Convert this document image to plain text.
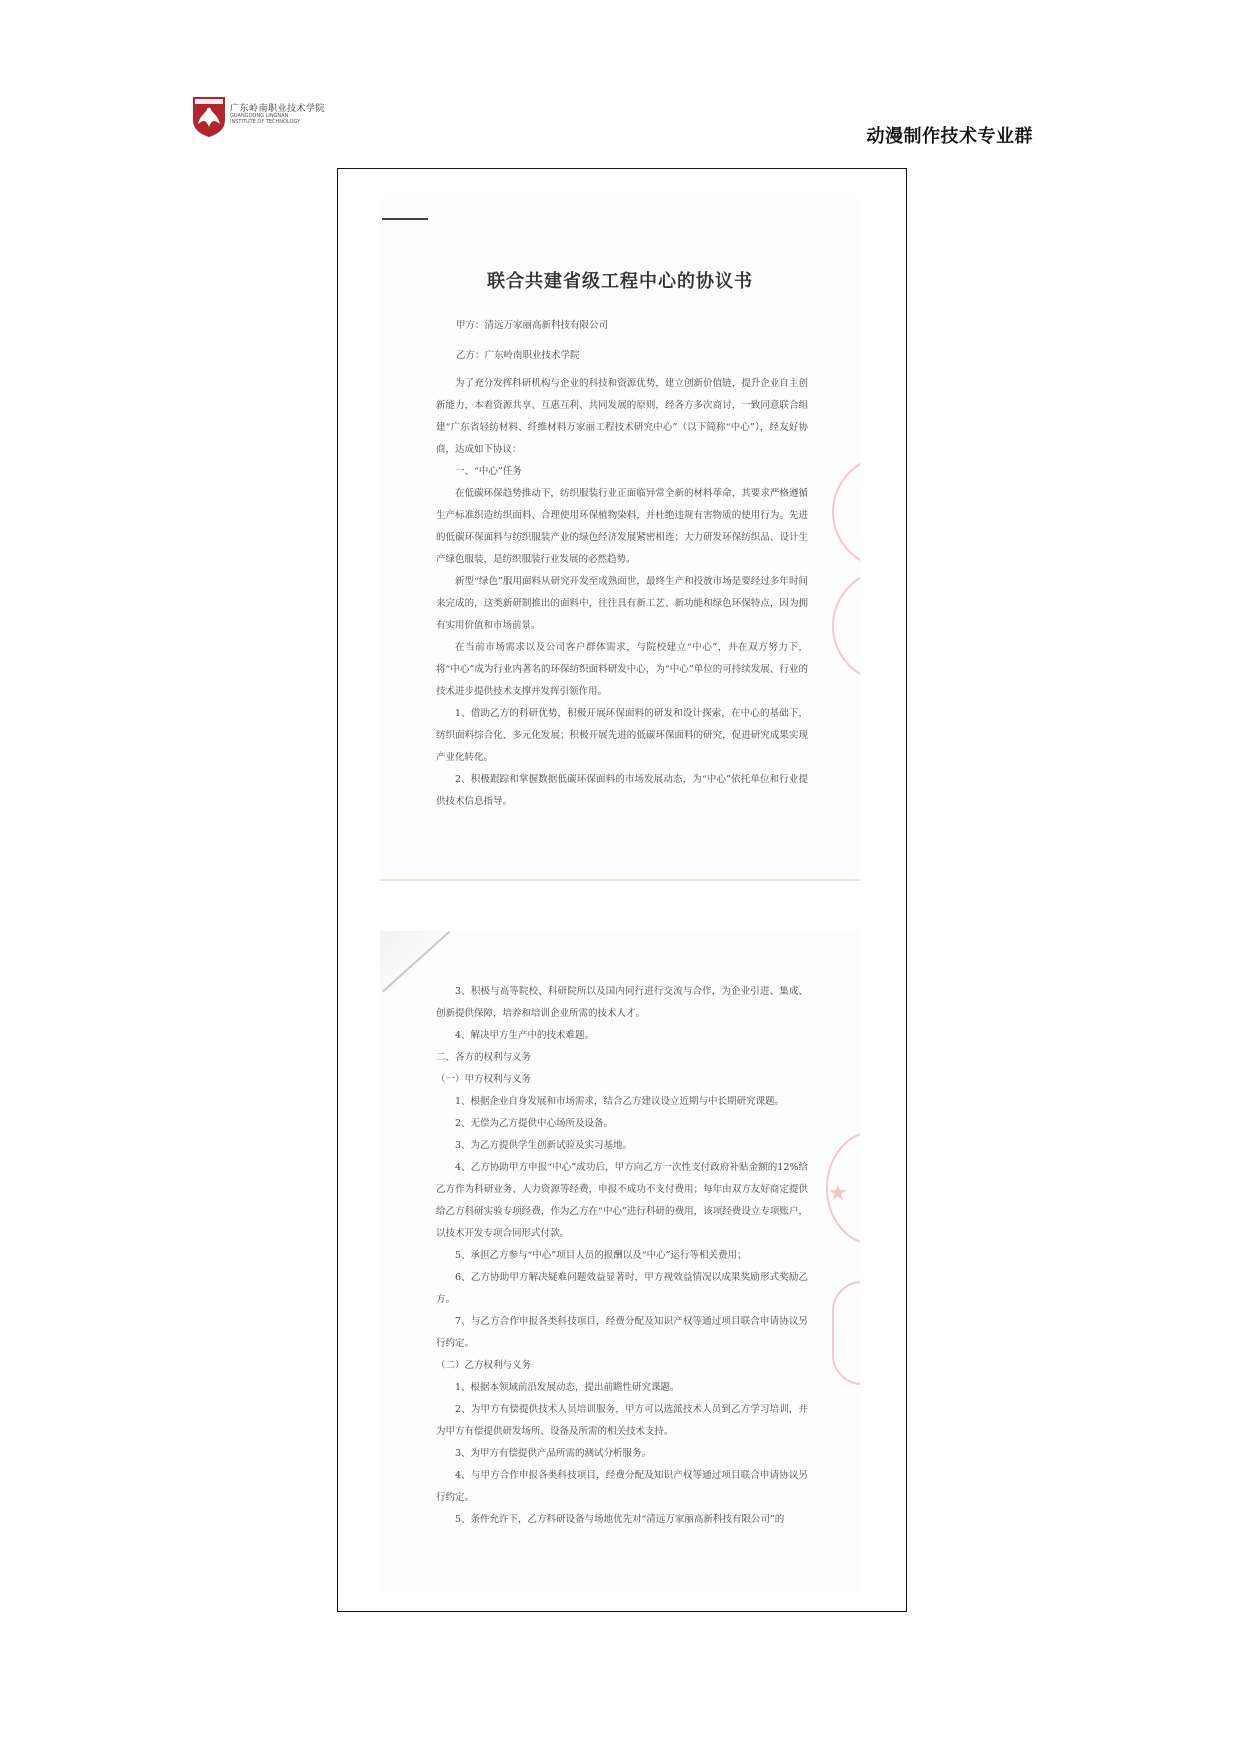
广东岭南职业技术学院
GUANGDONG LINGNAN
INSTITUTE OF TECHNOLOGY
动漫制作技术专业群
联合共建省级工程中心的协议书
甲方：清远万家丽高新科技有限公司
乙方：广东岭南职业技术学院
为了充分发挥科研机构与企业的科技和资源优势，建立创新价值链，提升企业自主创新能力，本着资源共享、互惠互利、共同发展的原则，经各方多次商讨，一致同意联合组建“广东省轻纺材料、纤维材料万家丽工程技术研究中心”（以下简称“中心”），经友好协商，达成如下协议：
一、“中心”任务
在低碳环保趋势推动下，纺织服装行业正面临异常全新的材料革命，其要求严格遵循生产标准织造纺织面料、合理使用环保植物染料，并杜绝违规有害物质的使用行为。先进的低碳环保面料与纺织服装产业的绿色经济发展紧密相连；大力研发环保纺织品、设计生产绿色服装，是纺织服装行业发展的必然趋势。
新型“绿色”服用面料从研究开发至成熟面世，最终生产和投放市场是要经过多年时间来完成的，这类新研制推出的面料中，往往具有新工艺、新功能和绿色环保特点，因为拥有实用价值和市场前景。
在当前市场需求以及公司客户群体需求，与院校建立“中心”，并在双方努力下，将“中心”成为行业内著名的环保纺织面料研发中心，为“中心”单位的可持续发展、行业的技术进步提供技术支撑并发挥引领作用。
1、借助乙方的科研优势，积极开展环保面料的研发和设计探索，在中心的基础下，纺织面料综合化、多元化发展；积极开展先进的低碳环保面料的研究，促进研究成果实现产业化转化。
2、积极跟踪和掌握数据低碳环保面料的市场发展动态，为“中心”依托单位和行业提供技术信息指导。
3、积极与高等院校、科研院所以及国内同行进行交流与合作，为企业引进、集成、创新提供保障，培养和培训企业所需的技术人才。
4、解决甲方生产中的技术难题。
二、各方的权利与义务
（一）甲方权利与义务
1、根据企业自身发展和市场需求，结合乙方建议设立近期与中长期研究课题。
2、无偿为乙方提供中心场所及设备。
3、为乙方提供学生创新试验及实习基地。
4、乙方协助甲方申报“中心”成功后，甲方向乙方一次性支付政府补贴金额的12%给乙方作为科研业务、人力资源等经费，申报不成功不支付费用；每年由双方友好商定提供给乙方科研实验专项经费，作为乙方在“中心”进行科研的费用，该项经费设立专项账户，以技术开发专项合同形式付款。
5、承担乙方参与“中心”项目人员的报酬以及“中心”运行等相关费用；
6、乙方协助甲方解决疑难问题效益显著时，甲方视效益情况以成果奖励形式奖励乙方。
7、与乙方合作申报各类科技项目，经费分配及知识产权等通过项目联合申请协议另行约定。
（二）乙方权利与义务
1、根据本领域前沿发展动态，提出前瞻性研究课题。
2、为甲方有偿提供技术人员培训服务，甲方可以选派技术人员到乙方学习培训，并为甲方有偿提供研发场所、设备及所需的相关技术支持。
3、为甲方有偿提供产品所需的测试分析服务。
4、与甲方合作申报各类科技项目，经费分配及知识产权等通过项目联合申请协议另行约定。
5、条件允许下，乙方科研设备与场地优先对“清远万家丽高新科技有限公司”的
★
